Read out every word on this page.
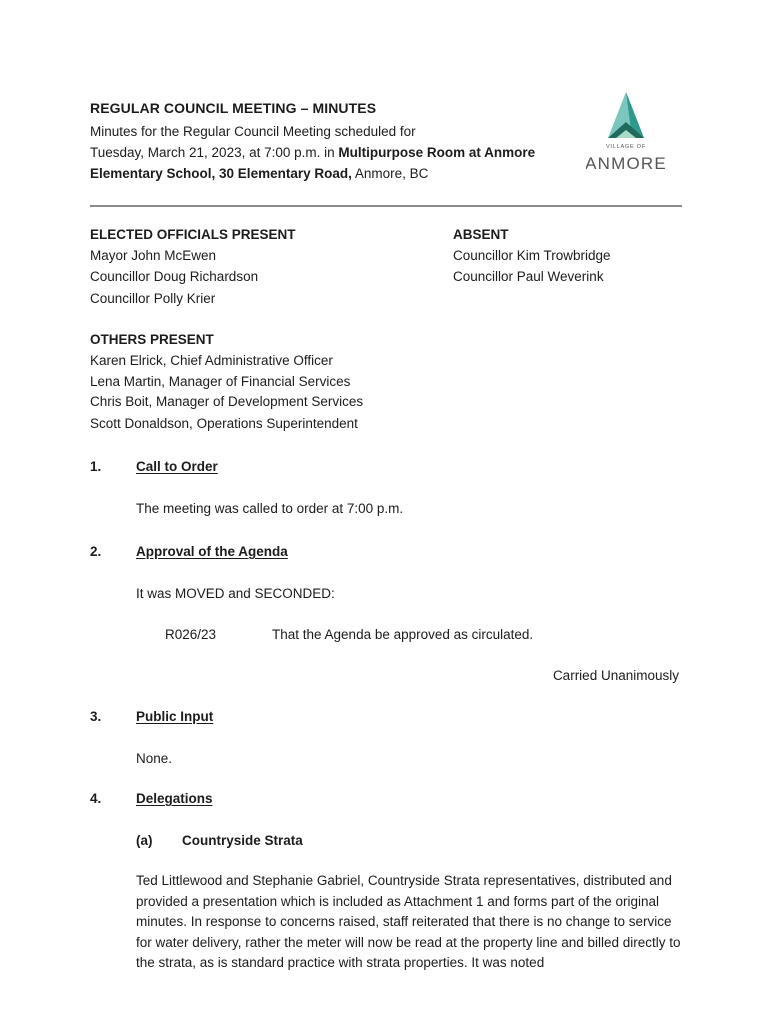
REGULAR COUNCIL MEETING – MINUTES
Minutes for the Regular Council Meeting scheduled for
Tuesday, March 21, 2023, at 7:00 p.m. in Multipurpose Room at Anmore
Elementary School, 30 Elementary Road, Anmore, BC
VILLAGE OF
ANMORE
ELECTED OFFICIALS PRESENT
Mayor John McEwen
Councillor Doug Richardson
Councillor Polly Krier
ABSENT
Councillor Kim Trowbridge
Councillor Paul Weverink
OTHERS PRESENT
Karen Elrick, Chief Administrative Officer
Lena Martin, Manager of Financial Services
Chris Boit, Manager of Development Services
Scott Donaldson, Operations Superintendent
1.	Call to Order
The meeting was called to order at 7:00 p.m.
2.	Approval of the Agenda
It was MOVED and SECONDED:
R026/23	That the Agenda be approved as circulated.
Carried Unanimously
3.	Public Input
None.
4.	Delegations
(a) Countryside Strata
Ted Littlewood and Stephanie Gabriel, Countryside Strata representatives, distributed and provided a presentation which is included as Attachment 1 and forms part of the original minutes. In response to concerns raised, staff reiterated that there is no change to service for water delivery, rather the meter will now be read at the property line and billed directly to the strata, as is standard practice with strata properties. It was noted
